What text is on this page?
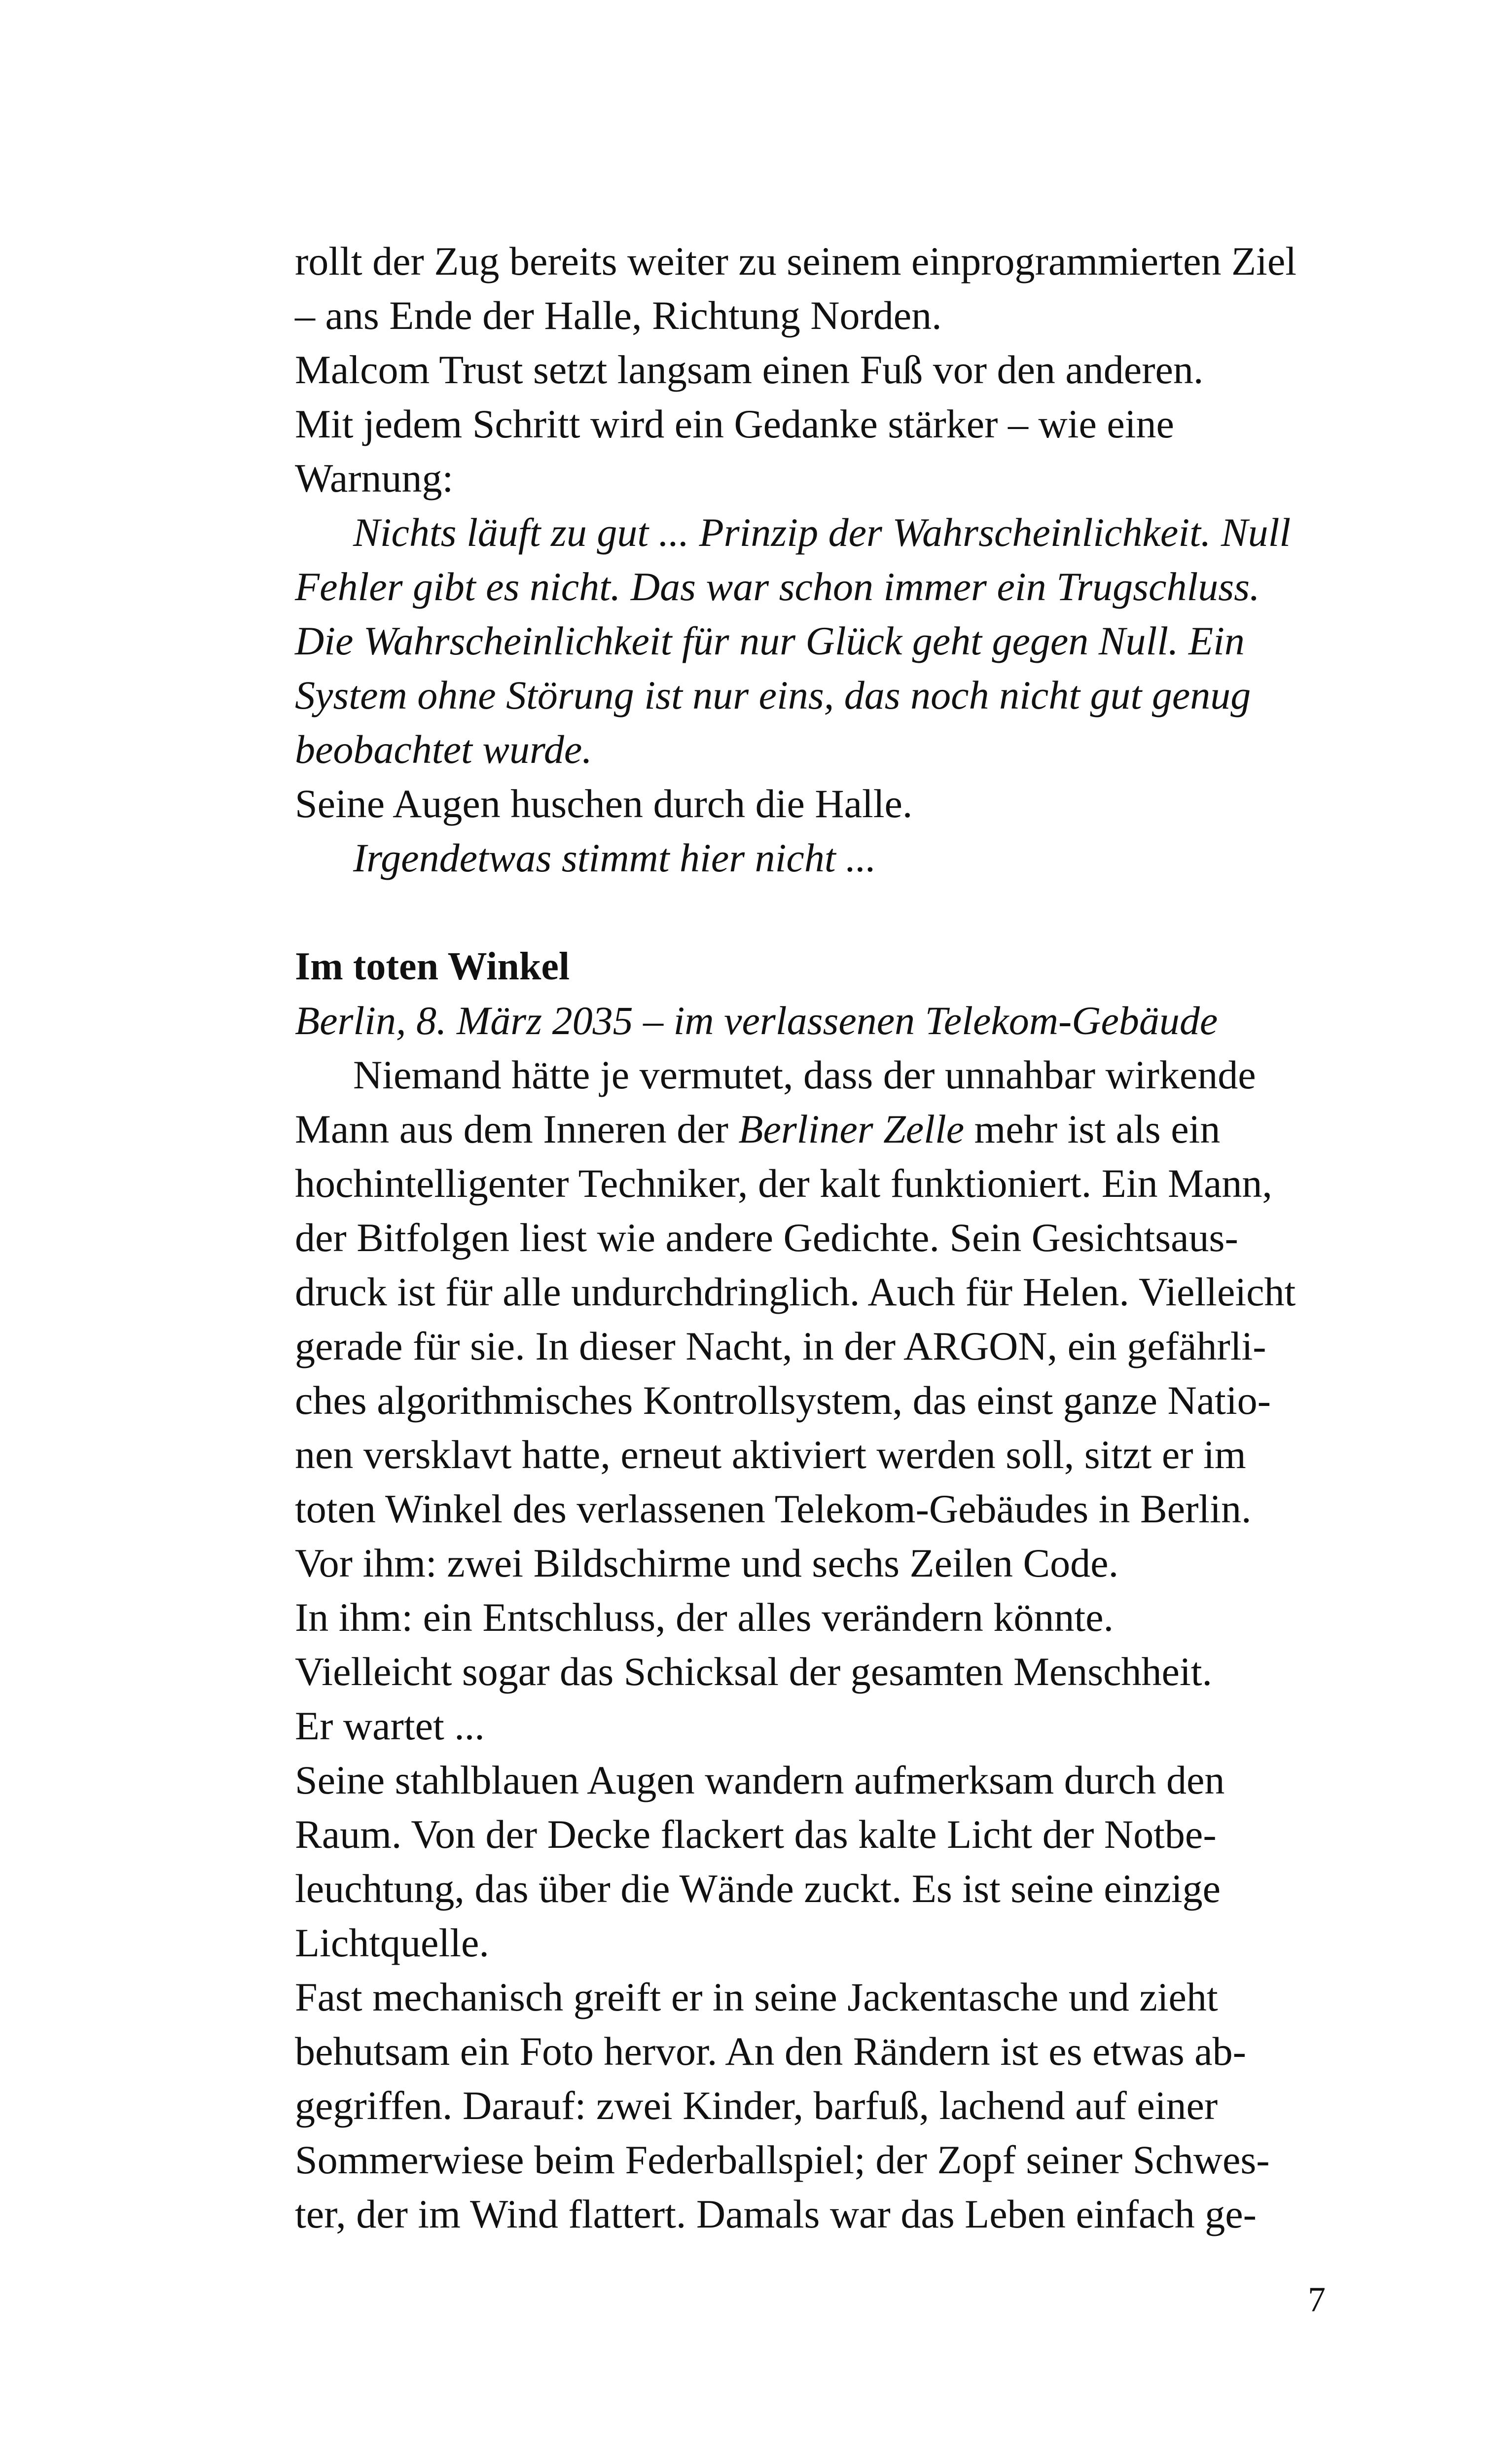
rollt der Zug bereits weiter zu seinem einprogrammierten Ziel
– ans Ende der Halle, Richtung Norden.
Malcom Trust setzt langsam einen Fuß vor den anderen.
Mit jedem Schritt wird ein Gedanke stärker – wie eine
Warnung:
Nichts läuft zu gut ... Prinzip der Wahrscheinlichkeit. Null
Fehler gibt es nicht. Das war schon immer ein Trugschluss.
Die Wahrscheinlichkeit für nur Glück geht gegen Null. Ein
System ohne Störung ist nur eins, das noch nicht gut genug
beobachtet wurde.
Seine Augen huschen durch die Halle.
Irgendetwas stimmt hier nicht ...
Im toten Winkel
Berlin, 8. März 2035 – im verlassenen Telekom-Gebäude
Niemand hätte je vermutet, dass der unnahbar wirkende
Mann aus dem Inneren der Berliner Zelle mehr ist als ein
hochintelligenter Techniker, der kalt funktioniert. Ein Mann,
der Bitfolgen liest wie andere Gedichte. Sein Gesichtsaus-
druck ist für alle undurchdringlich. Auch für Helen. Vielleicht
gerade für sie. In dieser Nacht, in der ARGON, ein gefährli-
ches algorithmisches Kontrollsystem, das einst ganze Natio-
nen versklavt hatte, erneut aktiviert werden soll, sitzt er im
toten Winkel des verlassenen Telekom-Gebäudes in Berlin.
Vor ihm: zwei Bildschirme und sechs Zeilen Code.
In ihm: ein Entschluss, der alles verändern könnte.
Vielleicht sogar das Schicksal der gesamten Menschheit.
Er wartet ...
Seine stahlblauen Augen wandern aufmerksam durch den
Raum. Von der Decke flackert das kalte Licht der Notbe-
leuchtung, das über die Wände zuckt. Es ist seine einzige
Lichtquelle.
Fast mechanisch greift er in seine Jackentasche und zieht
behutsam ein Foto hervor. An den Rändern ist es etwas ab-
gegriffen. Darauf: zwei Kinder, barfuß, lachend auf einer
Sommerwiese beim Federballspiel; der Zopf seiner Schwes-
ter, der im Wind flattert. Damals war das Leben einfach ge-
7
